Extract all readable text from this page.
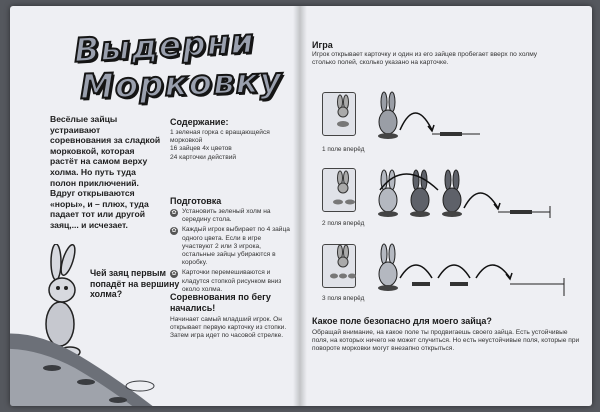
Выдерни
Морковку
Весёлые зайцы устраивают соревнования за сладкой морковкой, которая растёт на самом верху холма. Но путь туда полон приключений. Вдруг открываются «норы», и – плюх, туда падает тот или другой заяц,... и исчезает.
Содержание:
1 зеленая горка с вращающейся
морковкой
16 зайцев 4х цветов
24 карточки действий
Подготовка
✿ Установить зеленый холм на середину стола.
✿ Каждый игрок выбирает по 4 зайца одного цвета. Если в игре участвуют 2 или 3 игрока, остальные зайцы убираются в коробку.
✿ Карточки перемешиваются и кладутся стопкой рисунком вниз около холма.
Соревнования по бегу начались!
Начинает самый младший игрок. Он открывает первую карточку из стопки. Затем игра идет по часовой стрелке.
Чей заяц первым попадёт на вершину холма?
Игра
Игрок открывает карточку и один из его зайцев пробегает вверх по холму столько полей, сколько указано на карточке.
1 поле вперёд
2 поля вперёд
3 поля вперёд
Какое поле безопасно для моего зайца?
Обращай внимание, на какое поле ты продвигаешь своего зайца. Есть устойчивые поля, на которых ничего не может случиться. Но есть неустойчивые поля, которые при повороте морковки могут внезапно открыться.
